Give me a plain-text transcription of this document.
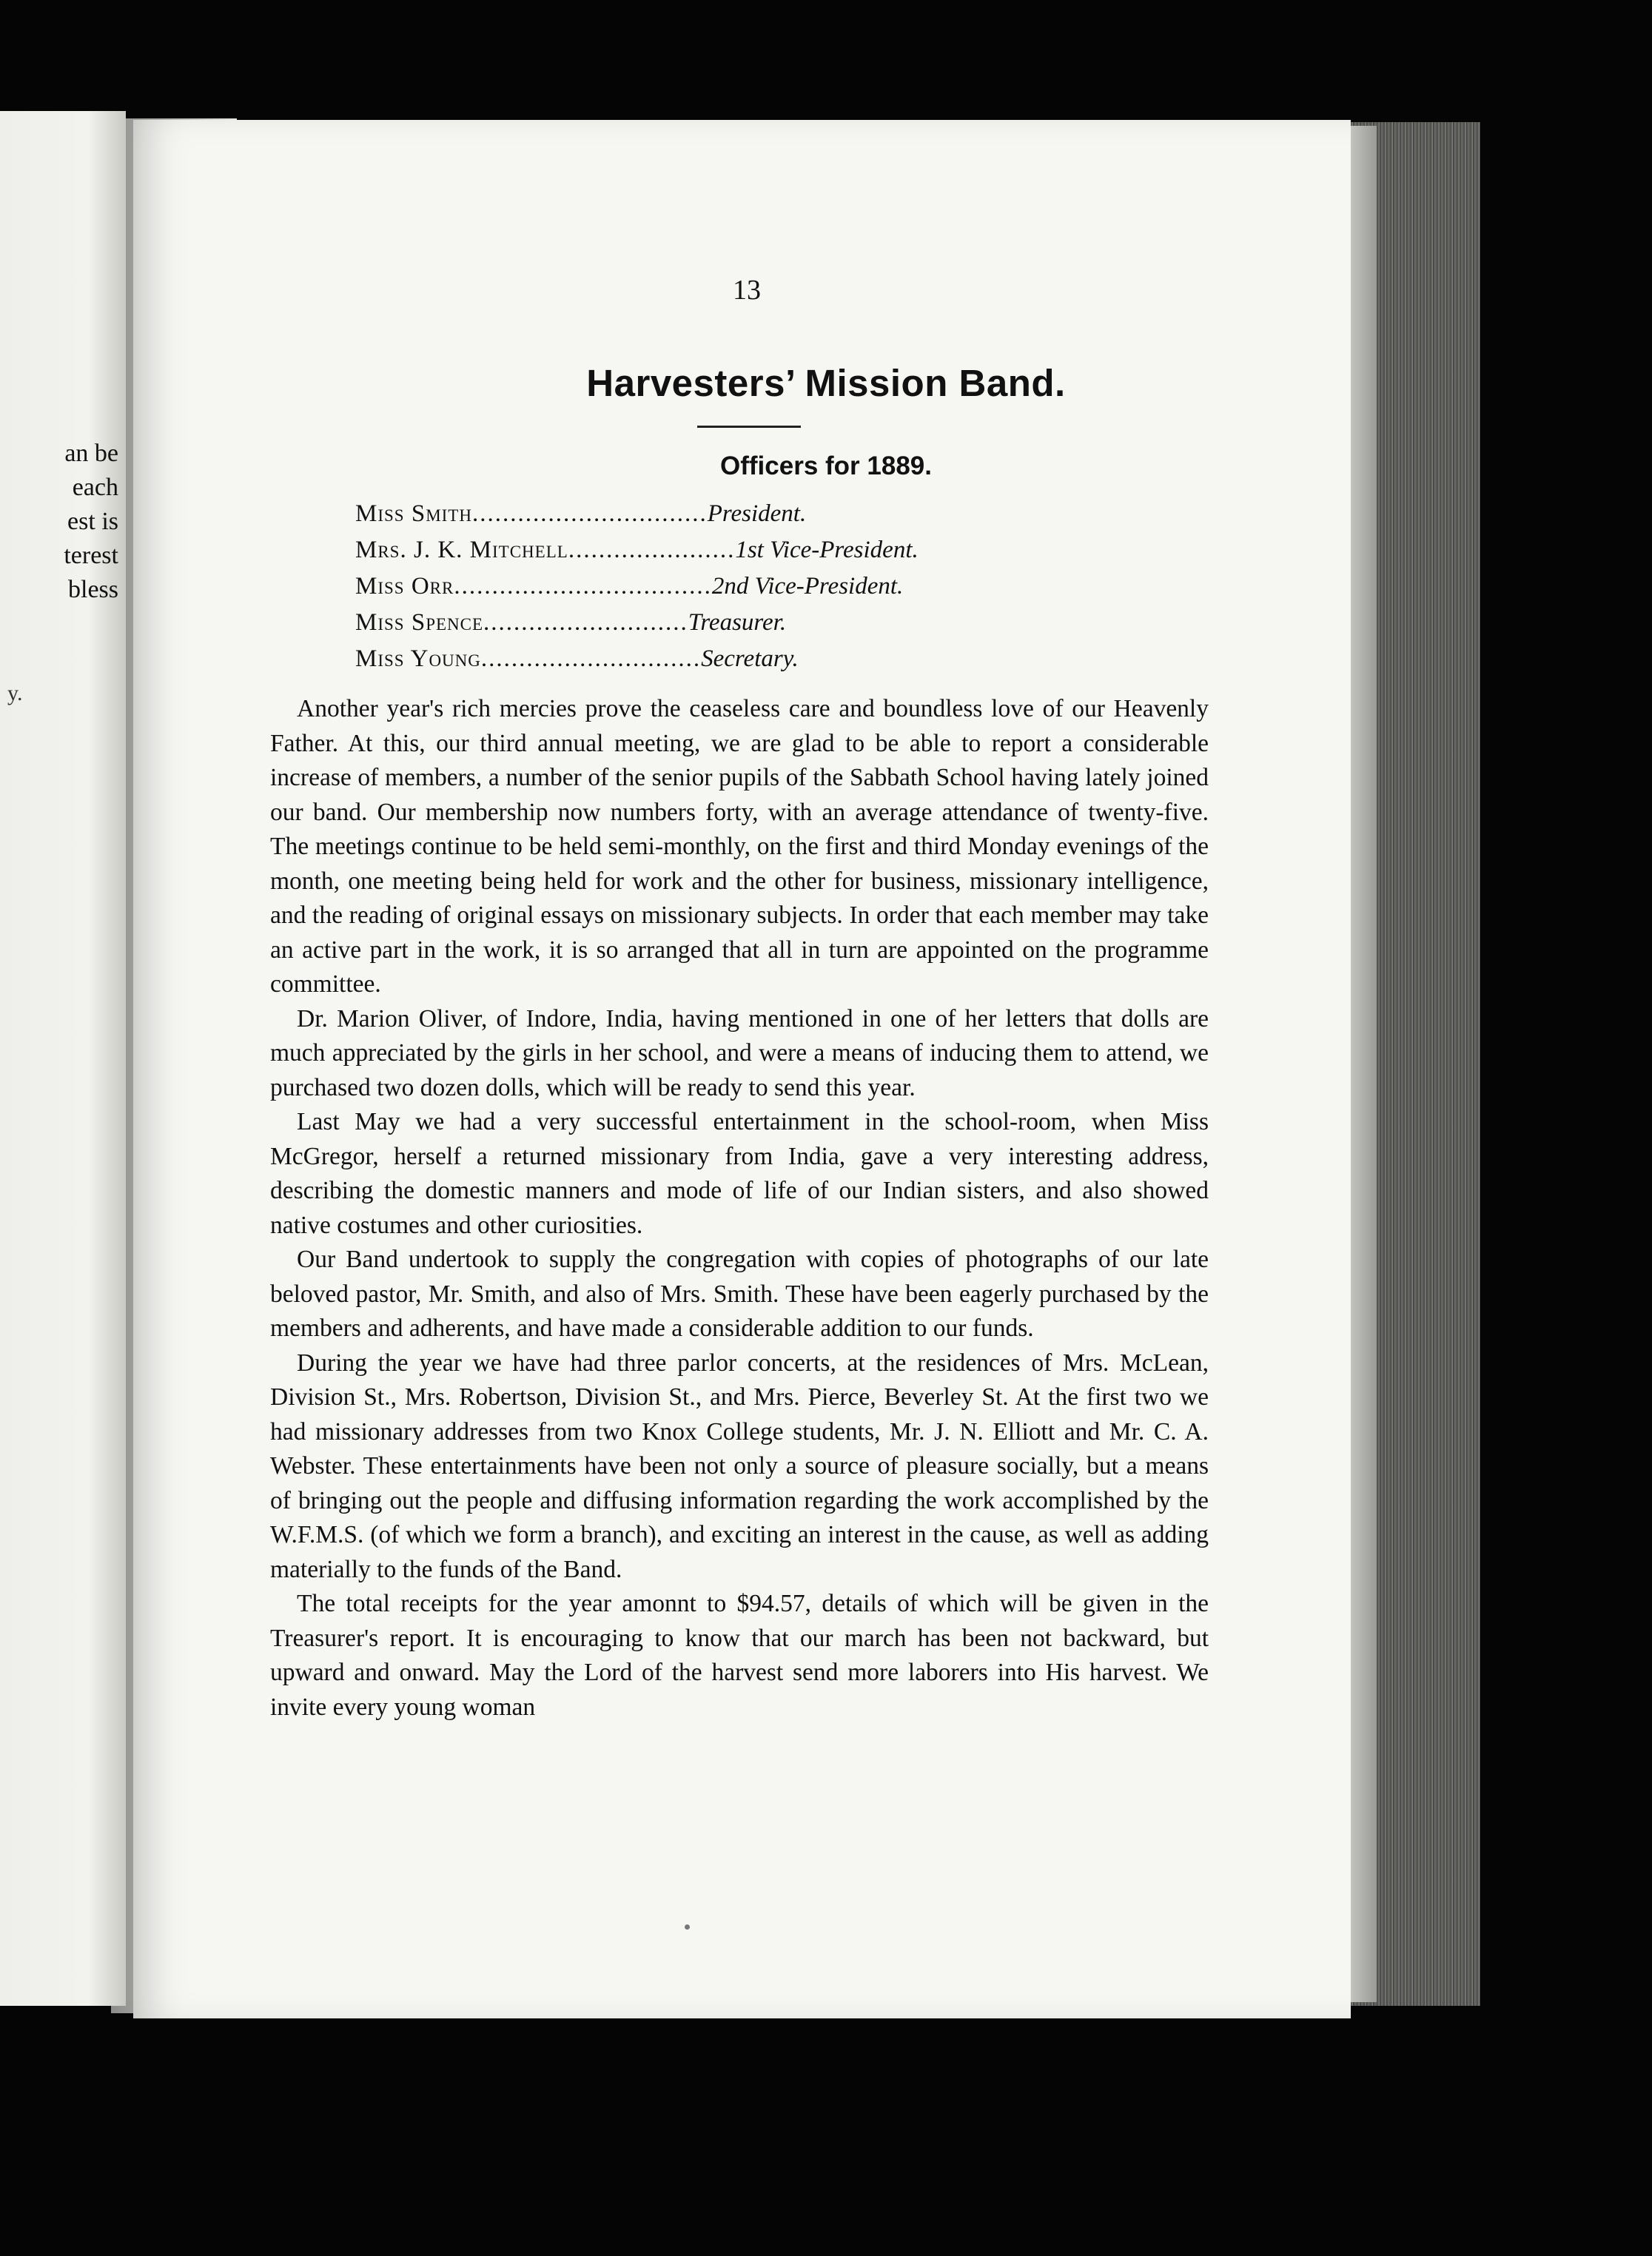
an be
each
est is
terest
bless
y.
13
Harvesters’ Mission Band.
Officers for 1889.
Miss Smith ............................... President.
Mrs. J. K. Mitchell ...................... 1st Vice-President.
Miss Orr .................................. 2nd Vice-President.
Miss Spence ........................... Treasurer.
Miss Young ............................. Secretary.

Another year's rich mercies prove the ceaseless care and boundless love of our Heavenly Father. At this, our third annual meeting, we are glad to be able to report a considerable increase of members, a number of the senior pupils of the Sabbath School having lately joined our band. Our membership now numbers forty, with an average attendance of twenty-five. The meetings continue to be held semi-monthly, on the first and third Monday evenings of the month, one meeting being held for work and the other for business, missionary intelligence, and the reading of original essays on missionary subjects. In order that each member may take an active part in the work, it is so arranged that all in turn are appointed on the programme committee.

Dr. Marion Oliver, of Indore, India, having mentioned in one of her letters that dolls are much appreciated by the girls in her school, and were a means of inducing them to attend, we purchased two dozen dolls, which will be ready to send this year.

Last May we had a very successful entertainment in the school-room, when Miss McGregor, herself a returned missionary from India, gave a very interesting address, describing the domestic manners and mode of life of our Indian sisters, and also showed native costumes and other curiosities.

Our Band undertook to supply the congregation with copies of photographs of our late beloved pastor, Mr. Smith, and also of Mrs. Smith. These have been eagerly purchased by the members and adherents, and have made a considerable addition to our funds.

During the year we have had three parlor concerts, at the residences of Mrs. McLean, Division St., Mrs. Robertson, Division St., and Mrs. Pierce, Beverley St. At the first two we had missionary addresses from two Knox College students, Mr. J. N. Elliott and Mr. C. A. Webster. These entertainments have been not only a source of pleasure socially, but a means of bringing out the people and diffusing information regarding the work accomplished by the W.F.M.S. (of which we form a branch), and exciting an interest in the cause, as well as adding materially to the funds of the Band.

The total receipts for the year amonnt to $94.57, details of which will be given in the Treasurer's report. It is encouraging to know that our march has been not backward, but upward and onward. May the Lord of the harvest send more laborers into His harvest. We invite every young woman
